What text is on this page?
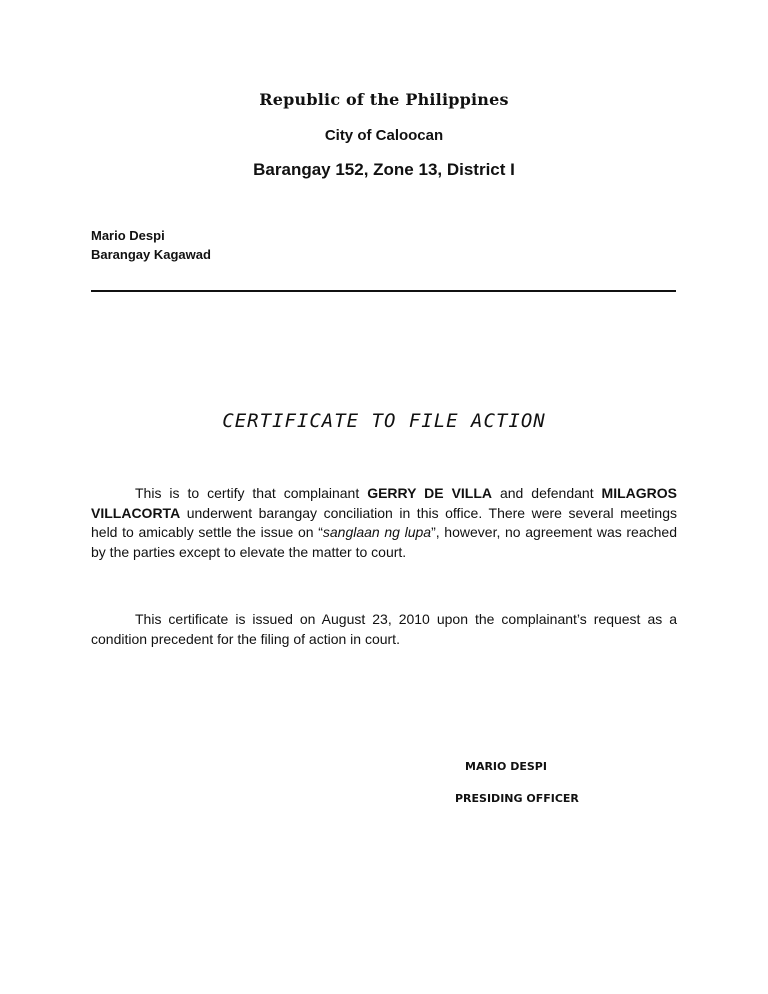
Republic of the Philippines
City of Caloocan
Barangay 152, Zone 13, District I
Mario Despi
Barangay Kagawad
CERTIFICATE TO FILE ACTION

This is to certify that complainant GERRY DE VILLA and defendant MILAGROS VILLACORTA underwent barangay conciliation in this office. There were several meetings held to amicably settle the issue on “sanglaan ng lupa”, however, no agreement was reached by the parties except to elevate the matter to court.

This certificate is issued on August 23, 2010 upon the complainant’s request as a condition precedent for the filing of action in court.

MARIO DESPI
PRESIDING OFFICER
